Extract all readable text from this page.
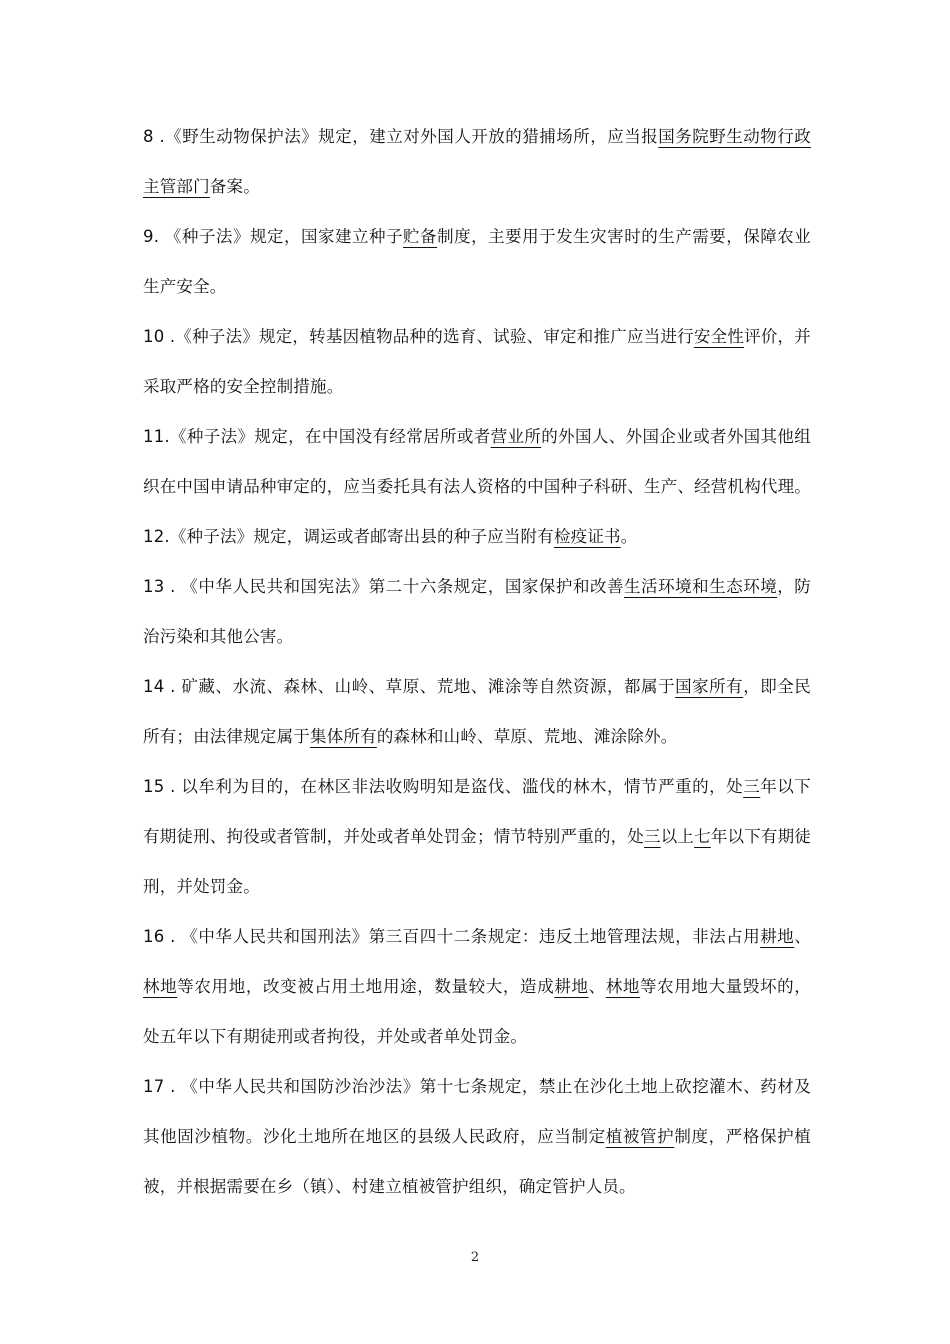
8 .《野生动物保护法》规定，建立对外国人开放的猎捕场所，应当报国务院野生动物行政主管部门备案。

9. 《种子法》规定，国家建立种子贮备制度，主要用于发生灾害时的生产需要，保障农业生产安全。

10 .《种子法》规定，转基因植物品种的选育、试验、审定和推广应当进行安全性评价，并采取严格的安全控制措施。

11.《种子法》规定，在中国没有经常居所或者营业所的外国人、外国企业或者外国其他组织在中国申请品种审定的，应当委托具有法人资格的中国种子科研、生产、经营机构代理。

12.《种子法》规定，调运或者邮寄出县的种子应当附有检疫证书。

13 . 《中华人民共和国宪法》第二十六条规定，国家保护和改善生活环境和生态环境，防治污染和其他公害。

14 . 矿藏、水流、森林、山岭、草原、荒地、滩涂等自然资源，都属于国家所有，即全民所有；由法律规定属于集体所有的森林和山岭、草原、荒地、滩涂除外。

15 . 以牟利为目的，在林区非法收购明知是盗伐、滥伐的林木，情节严重的，处三年以下有期徒刑、拘役或者管制，并处或者单处罚金；情节特别严重的，处三以上七年以下有期徒刑，并处罚金。

16 . 《中华人民共和国刑法》第三百四十二条规定：违反土地管理法规，非法占用耕地、林地等农用地，改变被占用土地用途，数量较大，造成耕地、林地等农用地大量毁坏的，处五年以下有期徒刑或者拘役，并处或者单处罚金。

17 . 《中华人民共和国防沙治沙法》第十七条规定，禁止在沙化土地上砍挖灌木、药材及其他固沙植物。沙化土地所在地区的县级人民政府，应当制定植被管护制度，严格保护植被，并根据需要在乡（镇）、村建立植被管护组织，确定管护人员。

2
